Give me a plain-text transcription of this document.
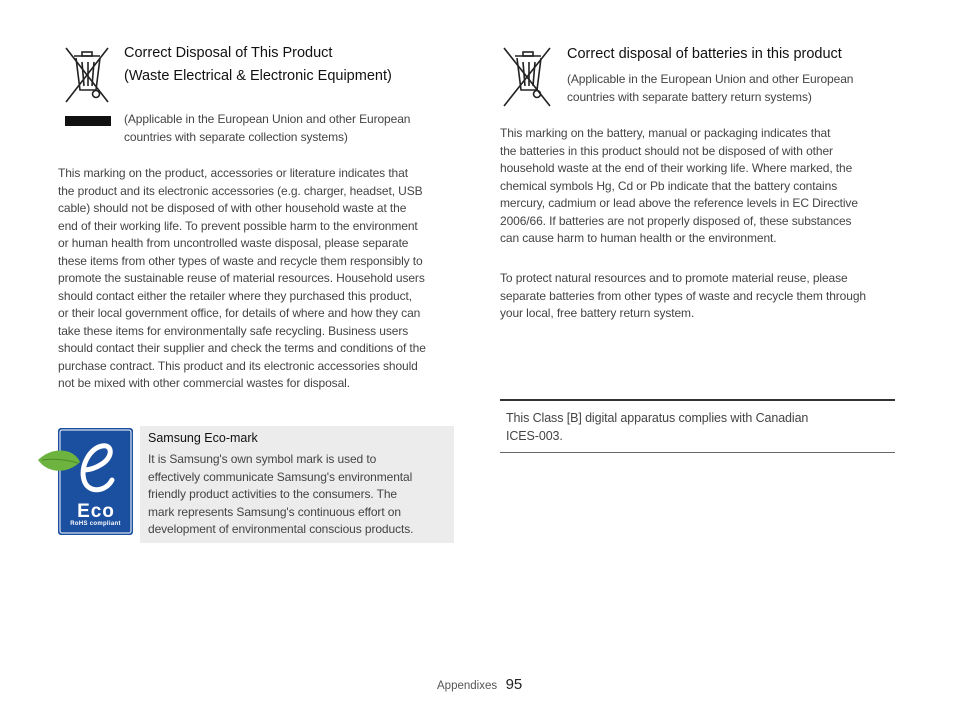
Correct Disposal of This Product
(Waste Electrical & Electronic Equipment)
(Applicable in the European Union and other European
countries with separate collection systems)
This marking on the product, accessories or literature indicates that
the product and its electronic accessories (e.g. charger, headset, USB
cable) should not be disposed of with other household waste at the
end of their working life. To prevent possible harm to the environment
or human health from uncontrolled waste disposal, please separate
these items from other types of waste and recycle them responsibly to
promote the sustainable reuse of material resources. Household users
should contact either the retailer where they purchased this product,
or their local government office, for details of where and how they can
take these items for environmentally safe recycling. Business users
should contact their supplier and check the terms and conditions of the
purchase contract. This product and its electronic accessories should
not be mixed with other commercial wastes for disposal.
Eco
RoHS compliant
Samsung Eco-mark
It is Samsung's own symbol mark is used to
effectively communicate Samsung's environmental
friendly product activities to the consumers. The
mark represents Samsung's continuous effort on
development of environmental conscious products.
Correct disposal of batteries in this product
(Applicable in the European Union and other European
countries with separate battery return systems)
This marking on the battery, manual or packaging indicates that
the batteries in this product should not be disposed of with other
household waste at the end of their working life. Where marked, the
chemical symbols Hg, Cd or Pb indicate that the battery contains
mercury, cadmium or lead above the reference levels in EC Directive
2006/66. If batteries are not properly disposed of, these substances
can cause harm to human health or the environment.
To protect natural resources and to promote material reuse, please
separate batteries from other types of waste and recycle them through
your local, free battery return system.
This Class [B] digital apparatus complies with Canadian
ICES-003.
Appendixes 95
